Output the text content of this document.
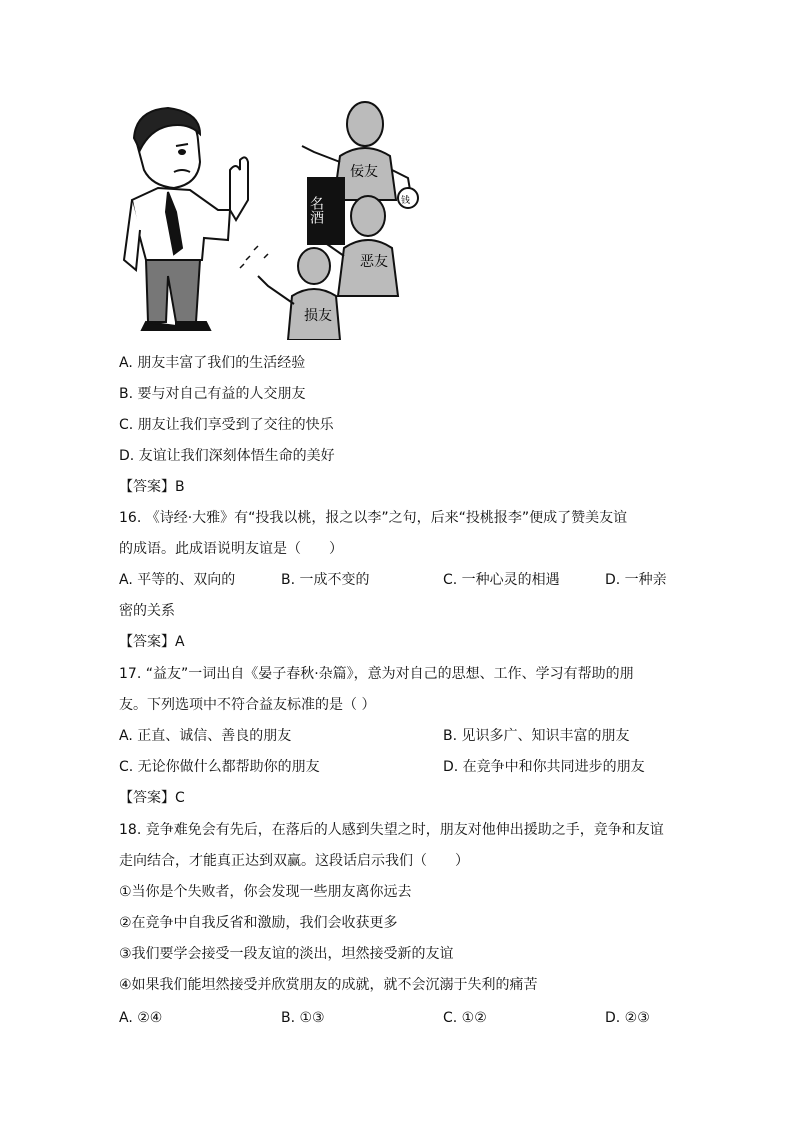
佞友
钱
名酒
恶友
损友
A. 朋友丰富了我们的生活经验
B. 要与对自己有益的人交朋友
C. 朋友让我们享受到了交往的快乐
D. 友谊让我们深刻体悟生命的美好
【答案】B
16. 《诗经·大雅》有“投我以桃，报之以李”之句，后来“投桃报李”便成了赞美友谊
的成语。此成语说明友谊是（　　）
A. 平等的、双向的	B. 一成不变的	C. 一种心灵的相遇	D. 一种亲
密的关系
【答案】A
17. “益友”一词出自《晏子春秋·杂篇》，意为对自己的思想、工作、学习有帮助的朋
友。下列选项中不符合益友标准的是（ ）
A. 正直、诚信、善良的朋友	B. 见识多广、知识丰富的朋友
C. 无论你做什么都帮助你的朋友	D. 在竞争中和你共同进步的朋友
【答案】C
18. 竞争难免会有先后，在落后的人感到失望之时，朋友对他伸出援助之手，竞争和友谊
走向结合，才能真正达到双赢。这段话启示我们（　　）
①当你是个失败者，你会发现一些朋友离你远去
②在竞争中自我反省和激励，我们会收获更多
③我们要学会接受一段友谊的淡出，坦然接受新的友谊
④如果我们能坦然接受并欣赏朋友的成就，就不会沉溺于失利的痛苦
A. ②④	B. ①③	C. ①②	D. ②③
